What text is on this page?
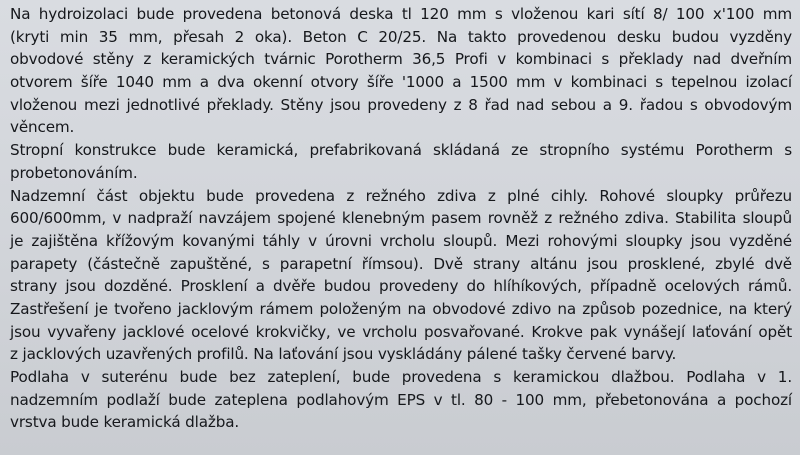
Na hydroizolaci bude provedena betonová deska tl 120 mm s vloženou kari sítí 8/ 100 x'100 mm
(kryti min 35 mm, přesah 2 oka). Beton C 20/25. Na takto provedenou desku budou vyzděny
obvodové stěny z keramických tvárnic Porotherm 36,5 Profi v kombinaci s překlady nad dveřním
otvorem šíře 1040 mm a dva okenní otvory šíře '1000 a 1500 mm v kombinaci s tepelnou izolací
vloženou mezi jednotlivé překlady. Stěny jsou provedeny z 8 řad nad sebou a 9. řadou s obvodovým
věncem.
Stropní konstrukce bude keramická, prefabrikovaná skládaná ze stropního systému Porotherm s
probetonováním.
Nadzemní část objektu bude provedena z režného zdiva z plné cihly. Rohové sloupky průřezu
600/600mm, v nadpraží navzájem spojené klenebným pasem rovněž z režného zdiva. Stabilita sloupů
je zajištěna křížovým kovanými táhly v úrovni vrcholu sloupů. Mezi rohovými sloupky jsou vyzděné
parapety (částečně zapuštěné, s parapetní římsou). Dvě strany altánu jsou prosklené, zbylé dvě
strany jsou dozděné. Prosklení a dvěře budou provedeny do hlíhíkových, případně ocelových rámů.
Zastřešení je tvořeno jacklovým rámem položeným na obvodové zdivo na způsob pozednice, na který
jsou vyvařeny jacklové ocelové krokvičky, ve vrcholu posvařované. Krokve pak vynášejí laťování opět
z jacklových uzavřených profilů. Na laťování jsou vyskládány pálené tašky červené barvy.
Podlaha v suterénu bude bez zateplení, bude provedena s keramickou dlažbou. Podlaha v 1.
nadzemním podlaží bude zateplena podlahovým EPS v tl. 80 - 100 mm, přebetonována a pochozí
vrstva bude keramická dlažba.
